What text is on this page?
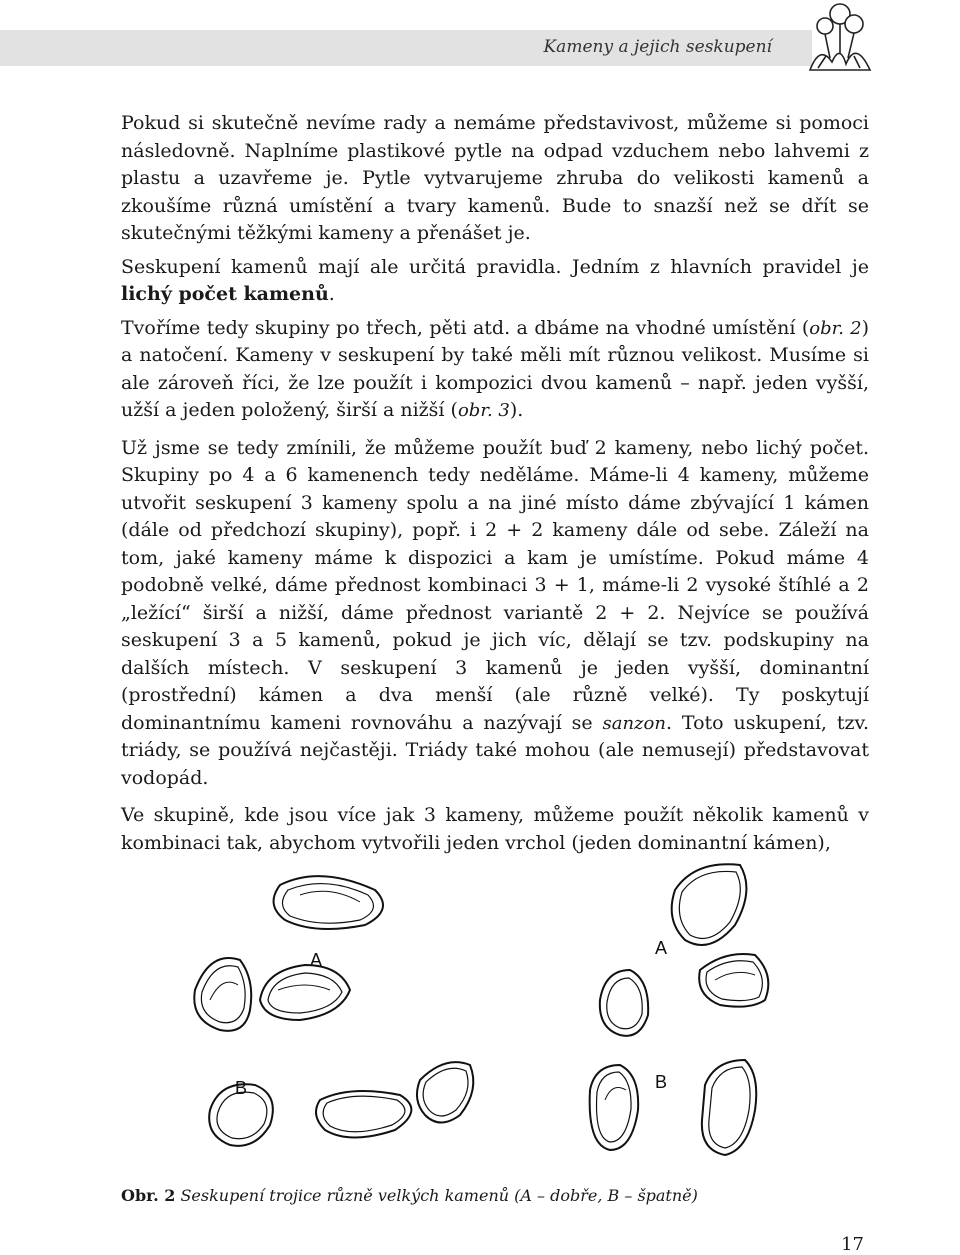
Kameny a jejich seskupení

Pokud si skutečně nevíme rady a nemáme představivost, můžeme si pomoci následovně. Naplníme plastikové pytle na odpad vzduchem nebo lahvemi z plastu a uzavřeme je. Pytle vytvarujeme zhruba do velikosti kamenů a zkoušíme různá umístění a tvary kamenů. Bude to snazší než se dřít se skutečnými těžkými kameny a přenášet je.

Seskupení kamenů mají ale určitá pravidla. Jedním z hlavních pravidel je lichý počet kamenů.

Tvoříme tedy skupiny po třech, pěti atd. a dbáme na vhodné umístění (obr. 2) a natočení. Kameny v seskupení by také měli mít různou velikost. Musíme si ale zároveň říci, že lze použít i kompozici dvou kamenů – např. jeden vyšší, užší a jeden položený, širší a nižší (obr. 3).

Už jsme se tedy zmínili, že můžeme použít buď 2 kameny, nebo lichý počet. Skupiny po 4 a 6 kamenench tedy neděláme. Máme-li 4 kameny, můžeme utvořit seskupení 3 kameny spolu a na jiné místo dáme zbývající 1 kámen (dále od předchozí skupiny), popř. i 2 + 2 kameny dále od sebe. Záleží na tom, jaké kameny máme k dispozici a kam je umístíme. Pokud máme 4 podobně velké, dáme přednost kombinaci 3 + 1, máme-li 2 vysoké štíhlé a 2 „ležící“ širší a nižší, dáme přednost variantě 2 + 2. Nejvíce se používá seskupení 3 a 5 kamenů, pokud je jich víc, dělají se tzv. podskupiny na dalších místech. V seskupení 3 kamenů je jeden vyšší, dominantní (prostřední) kámen a dva menší (ale různě velké). Ty poskytují dominantnímu kameni rovnováhu a nazývají se sanzon. Toto uskupení, tzv. triády, se používá nejčastěji. Triády také mohou (ale nemusejí) představovat vodopád.

Ve skupině, kde jsou více jak 3 kameny, můžeme použít několik kamenů v kombinaci tak, abychom vytvořili jeden vrchol (jeden dominantní kámen),

A
A
B	B
Obr. 2 Seskupení trojice různě velkých kamenů (A – dobře, B – špatně)
17
